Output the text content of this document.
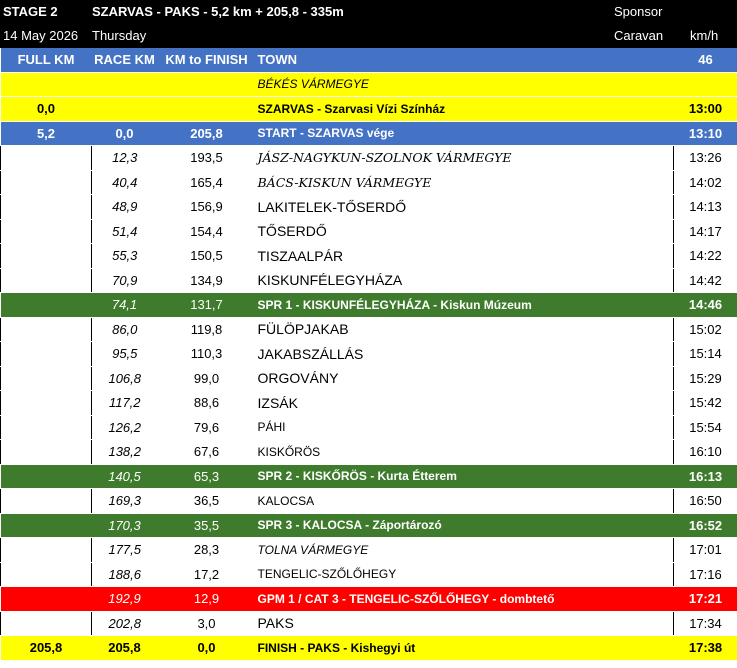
STAGE 2	SZARVAS - PAKS - 5,2 km + 205,8 - 335m	Sponsor
14 May 2026 Thursday	Caravan km/h
FULL KM	RACE KM	KM to FINISH	TOWN	46
			BÉKÉS VÁRMEGYE	
0,0			SZARVAS - Szarvasi Vízi Színház	13:00
5,2	0,0	205,8	START - SZARVAS vége	13:10
	12,3	193,5	JÁSZ-NAGYKUN-SZOLNOK VÁRMEGYE	13:26
	40,4	165,4	BÁCS-KISKUN VÁRMEGYE	14:02
	48,9	156,9	LAKITELEK-TŐSERDŐ	14:13
	51,4	154,4	TŐSERDŐ	14:17
	55,3	150,5	TISZAALPÁR	14:22
	70,9	134,9	KISKUNFÉLEGYHÁZA	14:42
	74,1	131,7	SPR 1 - KISKUNFÉLEGYHÁZA - Kiskun Múzeum	14:46
	86,0	119,8	FÜLÖPJAKAB	15:02
	95,5	110,3	JAKABSZÁLLÁS	15:14
	106,8	99,0	ORGOVÁNY	15:29
	117,2	88,6	IZSÁK	15:42
	126,2	79,6	PÁHI	15:54
	138,2	67,6	KISKŐRÖS	16:10
	140,5	65,3	SPR 2 - KISKŐRÖS - Kurta Étterem	16:13
	169,3	36,5	KALOCSA	16:50
	170,3	35,5	SPR 3 - KALOCSA - Záportározó	16:52
	177,5	28,3	TOLNA VÁRMEGYE	17:01
	188,6	17,2	TENGELIC-SZŐLŐHEGY	17:16
	192,9	12,9	GPM 1 / CAT 3 - TENGELIC-SZŐLŐHEGY - dombtető	17:21
	202,8	3,0	PAKS	17:34
205,8	205,8	0,0	FINISH - PAKS - Kishegyi út	17:38
